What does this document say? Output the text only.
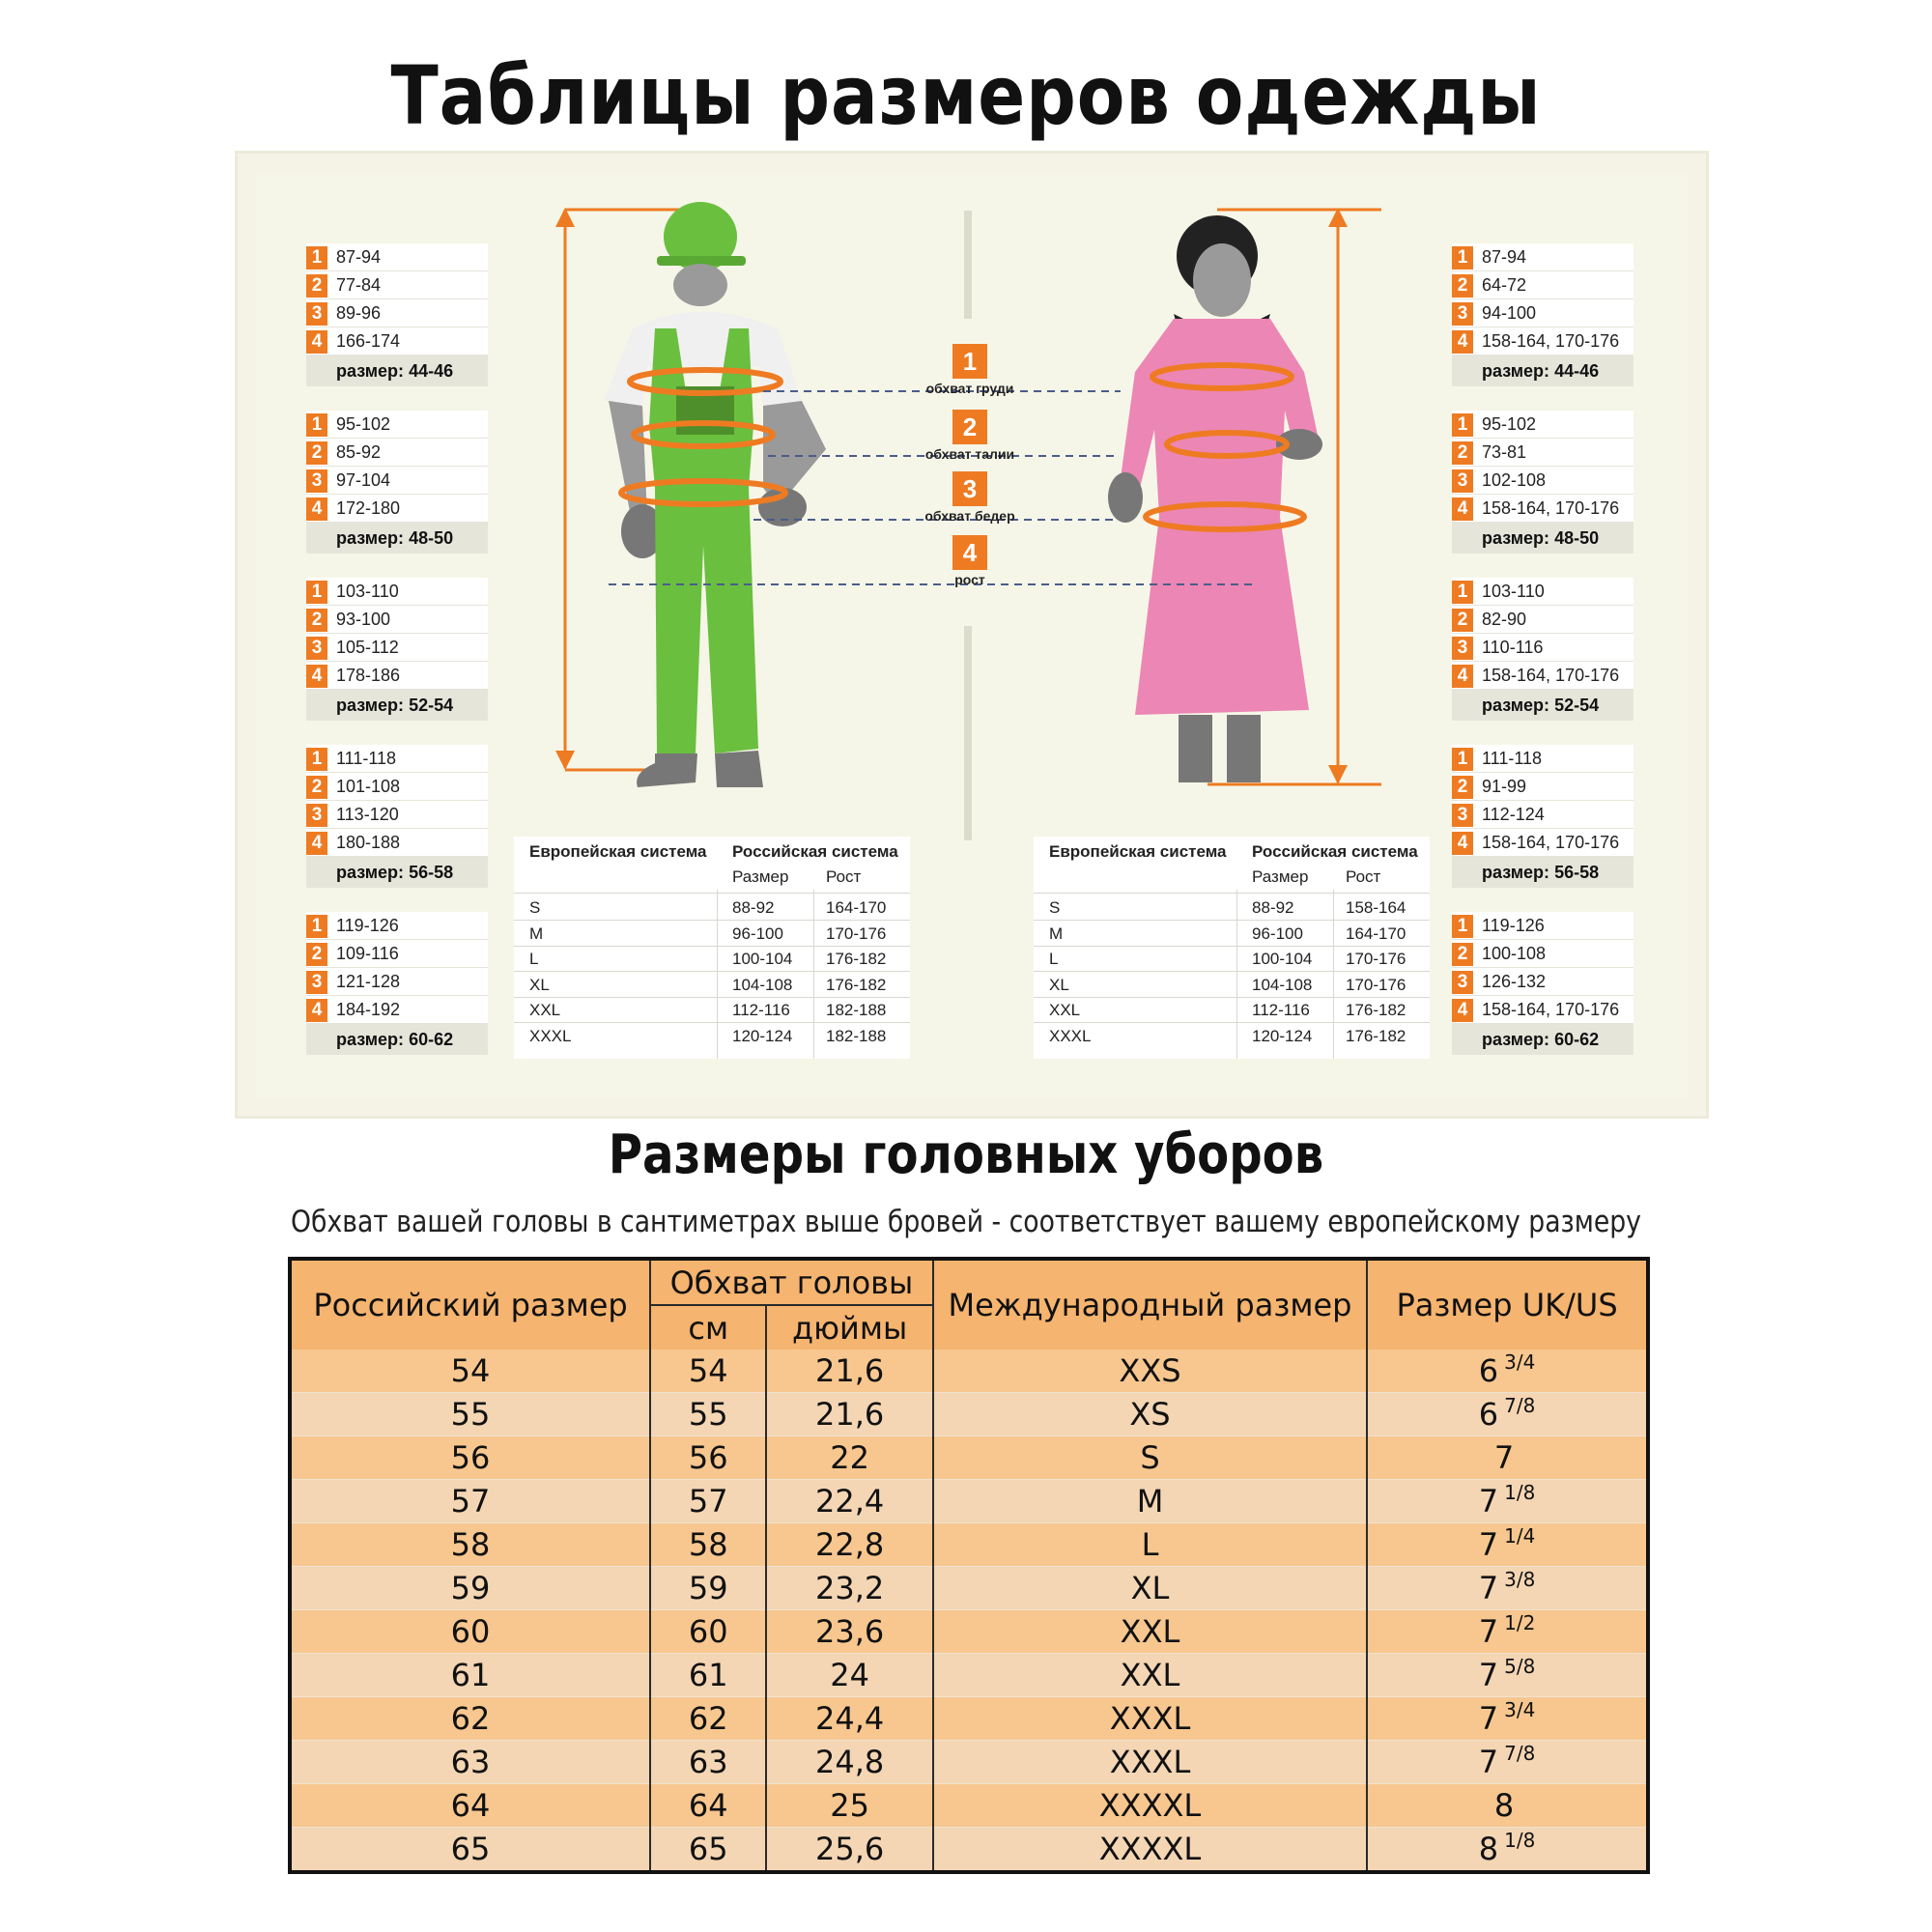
Таблицы размеров одежды
1
обхват груди
2
обхват талии
3
обхват бедер
4
рост
1 87-94
2 77-84
3 89-96
4 166-174
размер: 44-46
1 95-102
2 85-92
3 97-104
4 172-180
размер: 48-50
1 103-110
2 93-100
3 105-112
4 178-186
размер: 52-54
1 111-118
2 101-108
3 113-120
4 180-188
размер: 56-58
1 119-126
2 109-116
3 121-128
4 184-192
размер: 60-62
1 87-94
2 64-72
3 94-100
4 158-164, 170-176
размер: 44-46
1 95-102
2 73-81
3 102-108
4 158-164, 170-176
размер: 48-50
1 103-110
2 82-90
3 110-116
4 158-164, 170-176
размер: 52-54
1 111-118
2 91-99
3 112-124
4 158-164, 170-176
размер: 56-58
1 119-126
2 100-108
3 126-132
4 158-164, 170-176
размер: 60-62
Европейская система Российская система
Размер Рост
S	88-92	164-170
M	96-100	170-176
L	100-104 176-182
XL	104-108 176-182
XXL	112-116 182-188
XXXL	120-124 182-188
Европейская система Российская система
Размер Рост
S	88-92	158-164
M	96-100	164-170
L	100-104 170-176
XL	104-108 170-176
XXL	112-116 176-182
XXXL	120-124 176-182
Размеры головных уборов
Обхват вашей головы в сантиметрах выше бровей - соответствует вашему европейскому размеру
Российский размер	Обхват головы		Международный размер	Размер UK/US
	см	дюймы		
54	54	21,6	XXS	6 $^{3/4}$
55	55	21,6	XS	6 $^{7/8}$
56	56	22	S	7
57	57	22,4	M	7 $^{1/8}$
58	58	22,8	L	7 $^{1/4}$
59	59	23,2	XL	7 $^{3/8}$
60	60	23,6	XXL	7 $^{1/2}$
61	61	24	XXL	7 $^{5/8}$
62	62	24,4	XXXL	7 $^{3/4}$
63	63	24,8	XXXL	7 $^{7/8}$
64	64	25	XXXXL	8
65	65	25,6	XXXXL	8 $^{1/8}$
